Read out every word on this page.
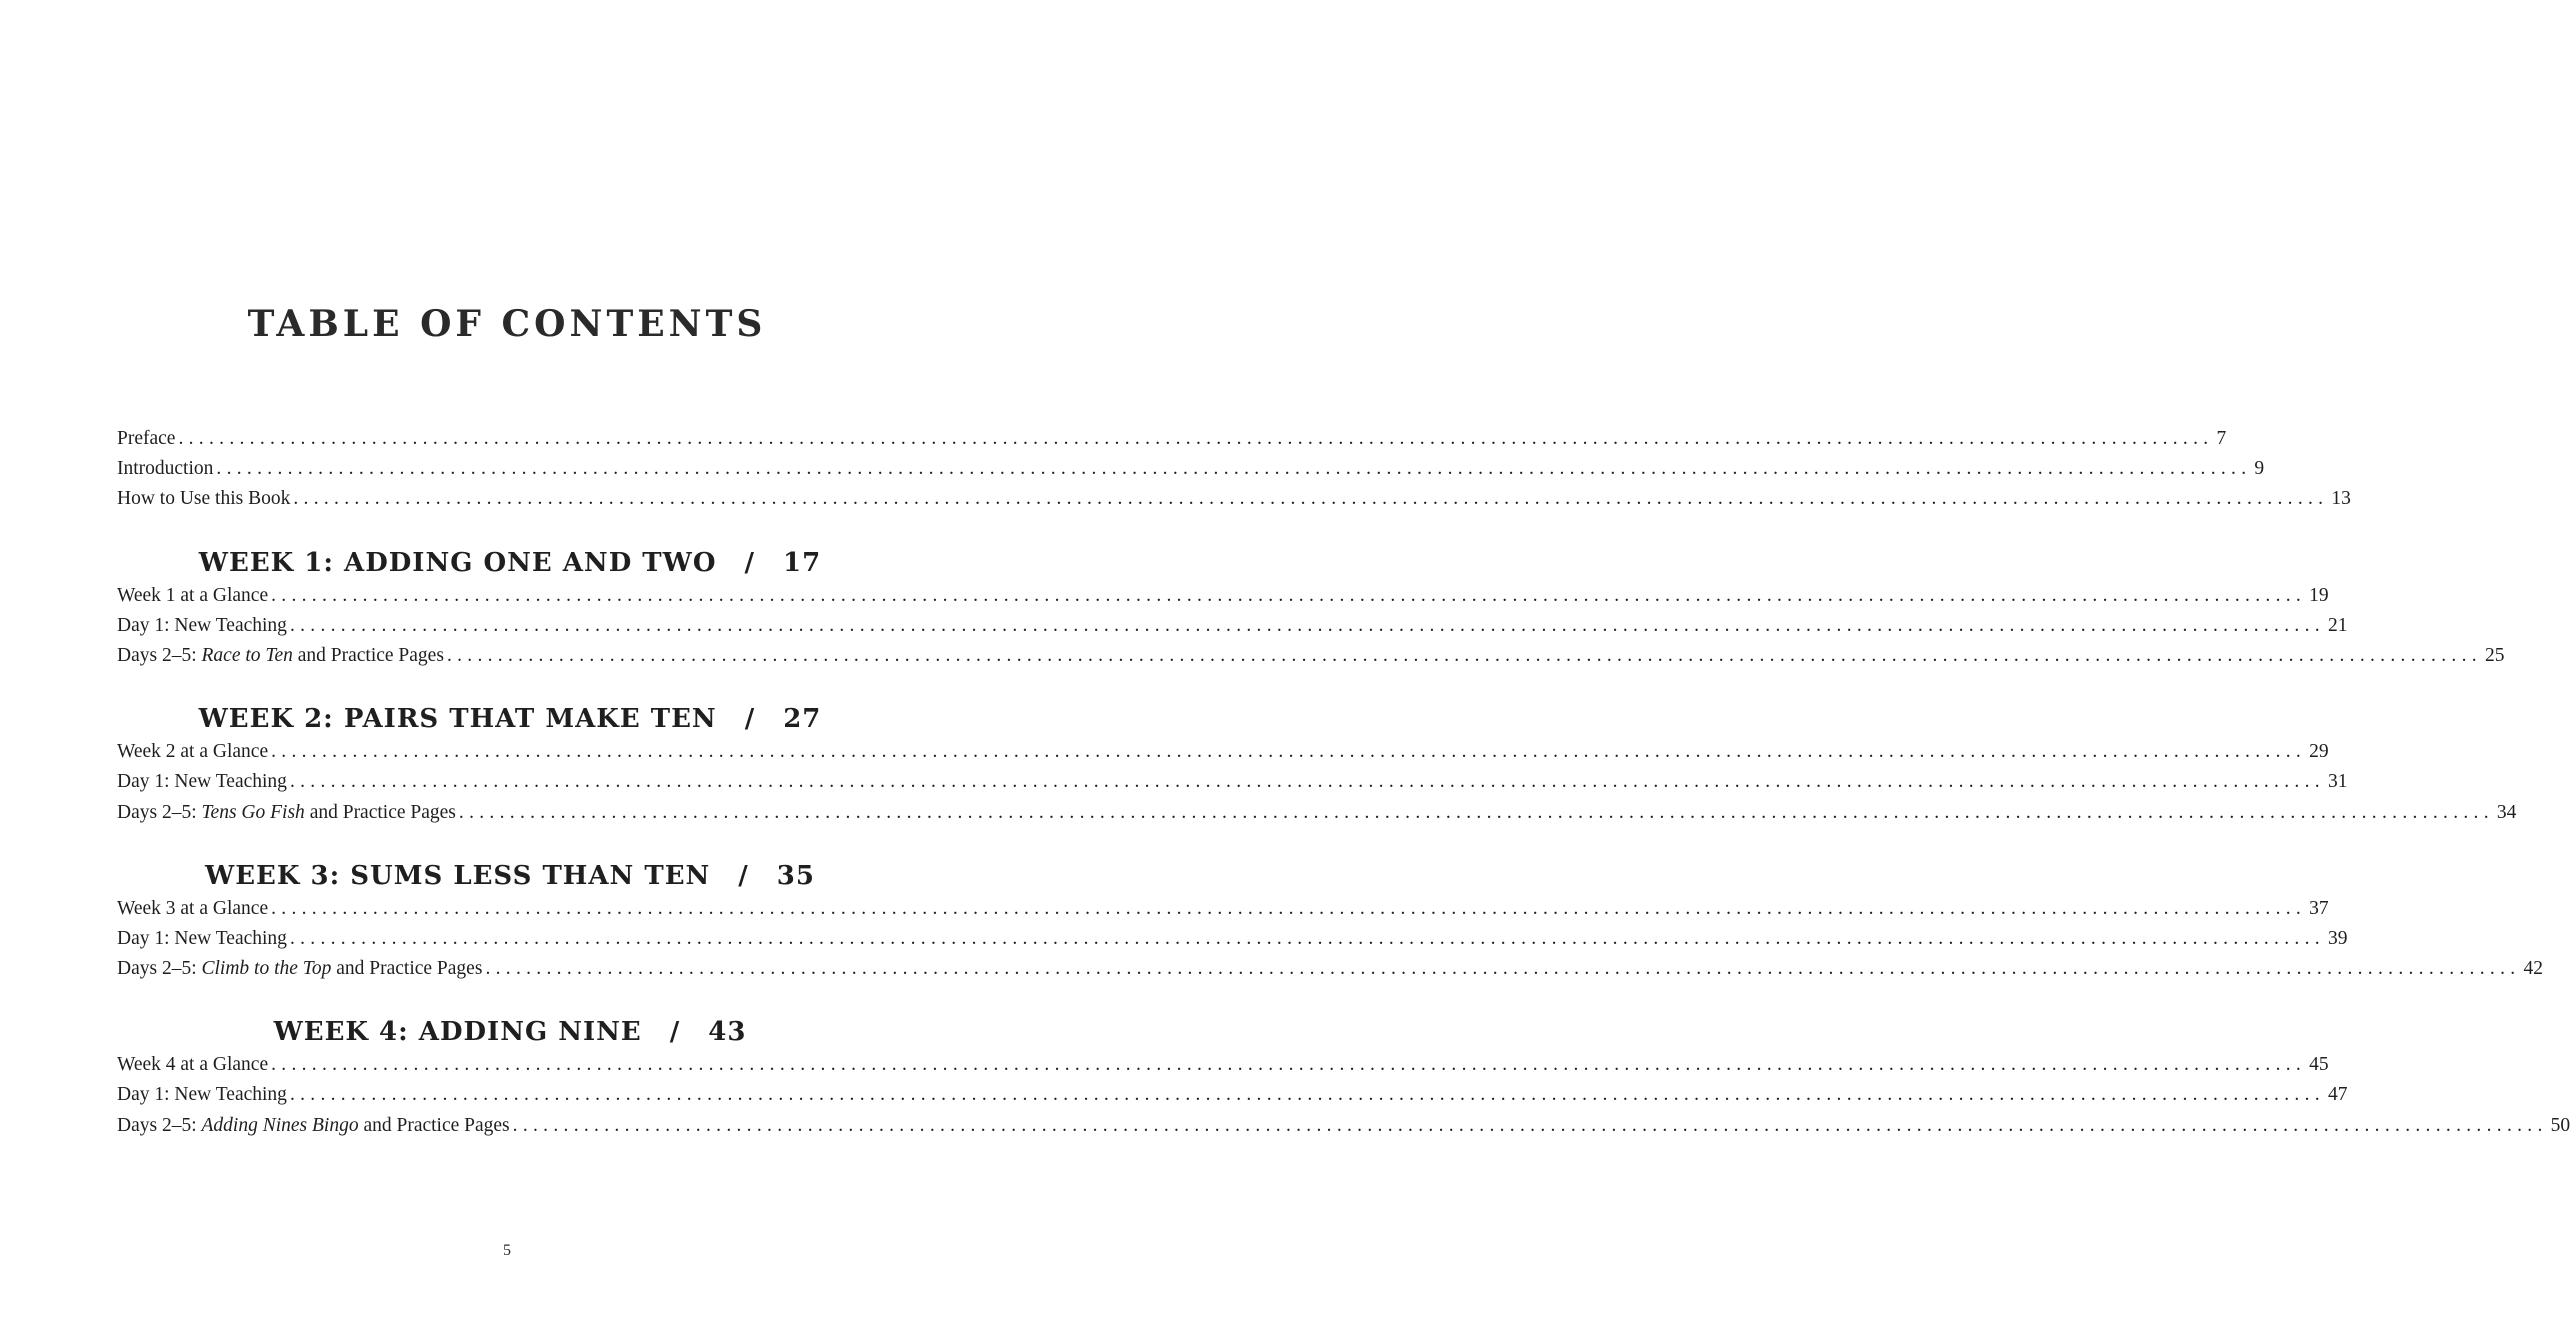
TABLE OF CONTENTS
Preface ........................................................................................................................................................................................................ 7
Introduction ........................................................................................................................................................................................................ 9
How to Use this Book ........................................................................................................................................................................................................ 13
WEEK 1: ADDING ONE AND TWO / 17
Week 1 at a Glance ........................................................................................................................................................................................................ 19
Day 1: New Teaching ........................................................................................................................................................................................................ 21
Days 2–5: Race to Ten and Practice Pages ........................................................................................................................................................................................................ 25
WEEK 2: PAIRS THAT MAKE TEN / 27
Week 2 at a Glance ........................................................................................................................................................................................................ 29
Day 1: New Teaching ........................................................................................................................................................................................................ 31
Days 2–5: Tens Go Fish and Practice Pages ........................................................................................................................................................................................................ 34
WEEK 3: SUMS LESS THAN TEN / 35
Week 3 at a Glance ........................................................................................................................................................................................................ 37
Day 1: New Teaching ........................................................................................................................................................................................................ 39
Days 2–5: Climb to the Top and Practice Pages ........................................................................................................................................................................................................ 42
WEEK 4: ADDING NINE / 43
Week 4 at a Glance ........................................................................................................................................................................................................ 45
Day 1: New Teaching ........................................................................................................................................................................................................ 47
Days 2–5: Adding Nines Bingo and Practice Pages ........................................................................................................................................................................................................ 50
5
